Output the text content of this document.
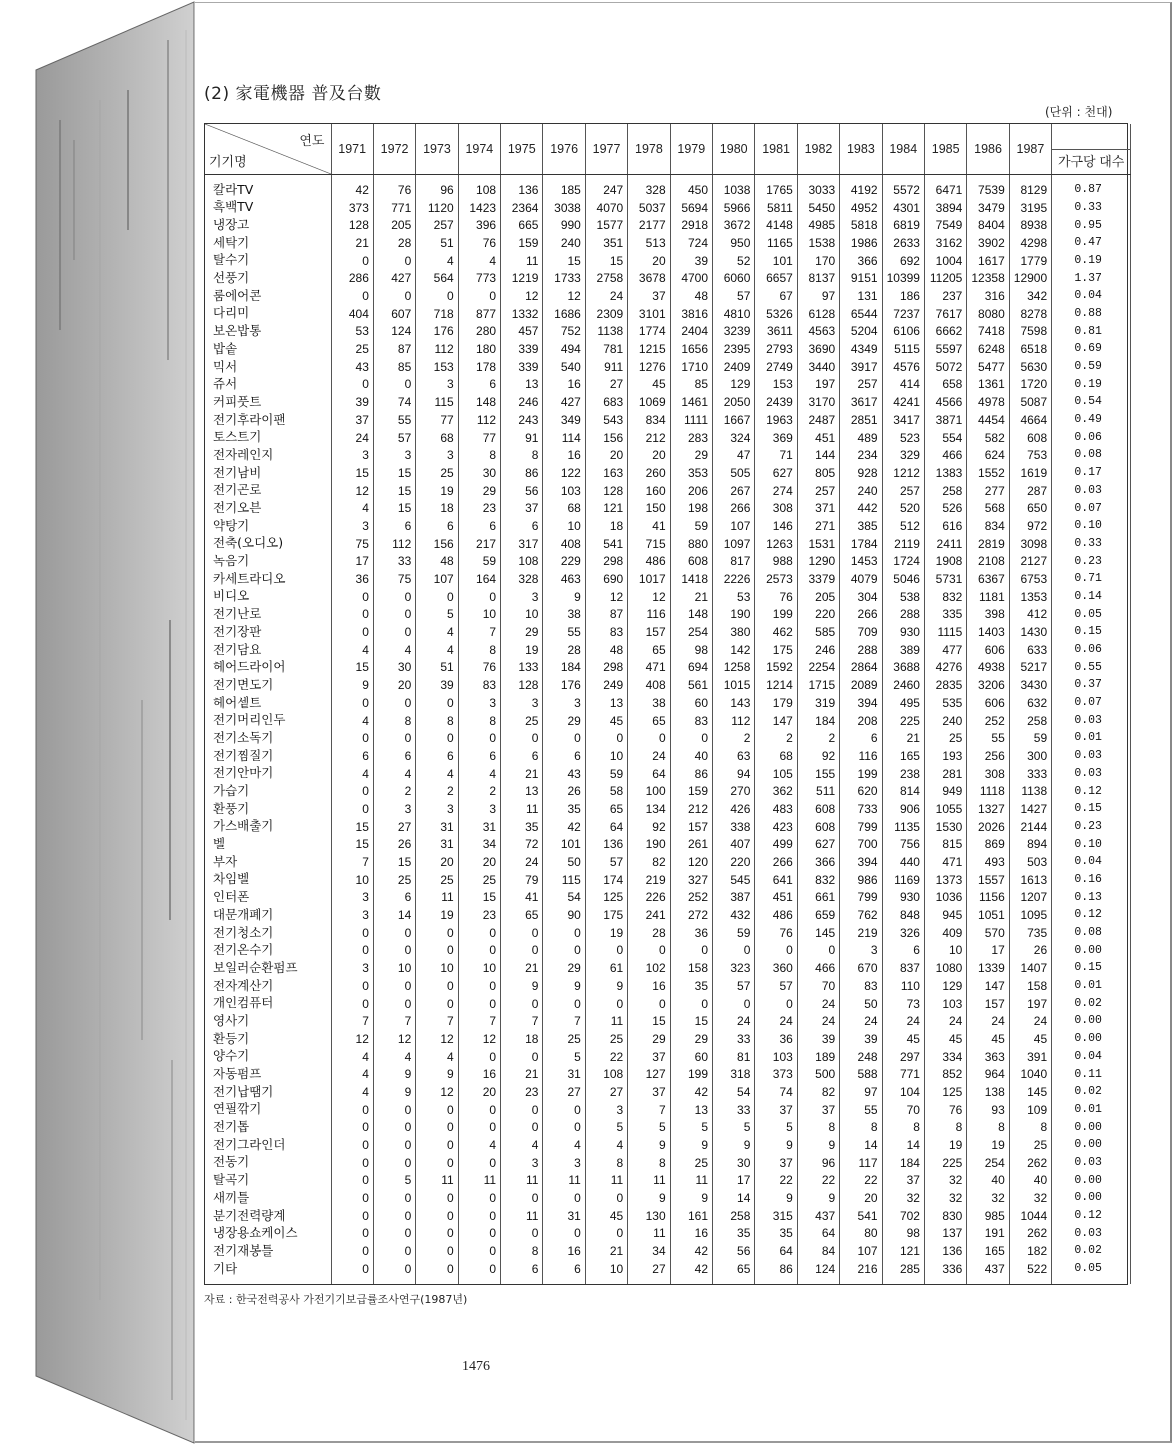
(2) 家電機器 普及台數
(단위 : 천대)
연도
기기명	1971	1972	1973	1974	1975	1976	1977	1978	1979	1980	1981	1982	1983	1984	1985	1986	1987	가구당 대수

칼라TV	42	76	96	108	136	185	247	328	450	1038	1765	3033	4192	5572	6471	7539	8129	0.87
흑백TV	373	771	1120	1423	2364	3038	4070	5037	5694	5966	5811	5450	4952	4301	3894	3479	3195	0.33
냉장고	128	205	257	396	665	990	1577	2177	2918	3672	4148	4985	5818	6819	7549	8404	8938	0.95
세탁기	21	28	51	76	159	240	351	513	724	950	1165	1538	1986	2633	3162	3902	4298	0.47
탈수기	0	0	4	4	11	15	15	20	39	52	101	170	366	692	1004	1617	1779	0.19
선풍기	286	427	564	773	1219	1733	2758	3678	4700	6060	6657	8137	9151	10399	11205	12358	12900	1.37
룸에어콘	0	0	0	0	12	12	24	37	48	57	67	97	131	186	237	316	342	0.04
다리미	404	607	718	877	1332	1686	2309	3101	3816	4810	5326	6128	6544	7237	7617	8080	8278	0.88
보온밥통	53	124	176	280	457	752	1138	1774	2404	3239	3611	4563	5204	6106	6662	7418	7598	0.81
밥솥	25	87	112	180	339	494	781	1215	1656	2395	2793	3690	4349	5115	5597	6248	6518	0.69
믹서	43	85	153	178	339	540	911	1276	1710	2409	2749	3440	3917	4576	5072	5477	5630	0.59
쥬서	0	0	3	6	13	16	27	45	85	129	153	197	257	414	658	1361	1720	0.19
커피풋트	39	74	115	148	246	427	683	1069	1461	2050	2439	3170	3617	4241	4566	4978	5087	0.54
전기후라이팬	37	55	77	112	243	349	543	834	1111	1667	1963	2487	2851	3417	3871	4454	4664	0.49
토스트기	24	57	68	77	91	114	156	212	283	324	369	451	489	523	554	582	608	0.06
전자레인지	3	3	3	8	8	16	20	20	29	47	71	144	234	329	466	624	753	0.08
전기남비	15	15	25	30	86	122	163	260	353	505	627	805	928	1212	1383	1552	1619	0.17
전기곤로	12	15	19	29	56	103	128	160	206	267	274	257	240	257	258	277	287	0.03
전기오븐	4	15	18	23	37	68	121	150	198	266	308	371	442	520	526	568	650	0.07
약탕기	3	6	6	6	6	10	18	41	59	107	146	271	385	512	616	834	972	0.10
전축(오디오)	75	112	156	217	317	408	541	715	880	1097	1263	1531	1784	2119	2411	2819	3098	0.33
녹음기	17	33	48	59	108	229	298	486	608	817	988	1290	1453	1724	1908	2108	2127	0.23
카세트라디오	36	75	107	164	328	463	690	1017	1418	2226	2573	3379	4079	5046	5731	6367	6753	0.71
비디오	0	0	0	0	3	9	12	12	21	53	76	205	304	538	832	1181	1353	0.14
전기난로	0	0	5	10	10	38	87	116	148	190	199	220	266	288	335	398	412	0.05
전기장판	0	0	4	7	29	55	83	157	254	380	462	585	709	930	1115	1403	1430	0.15
전기담요	4	4	4	8	19	28	48	65	98	142	175	246	288	389	477	606	633	0.06
헤어드라이어	15	30	51	76	133	184	298	471	694	1258	1592	2254	2864	3688	4276	4938	5217	0.55
전기면도기	9	20	39	83	128	176	249	408	561	1015	1214	1715	2089	2460	2835	3206	3430	0.37
헤어셑트	0	0	0	3	3	3	13	38	60	143	179	319	394	495	535	606	632	0.07
전기머리인두	4	8	8	8	25	29	45	65	83	112	147	184	208	225	240	252	258	0.03
전기소독기	0	0	0	0	0	0	0	0	0	2	2	2	6	21	25	55	59	0.01
전기찜질기	6	6	6	6	6	6	10	24	40	63	68	92	116	165	193	256	300	0.03
전기안마기	4	4	4	4	21	43	59	64	86	94	105	155	199	238	281	308	333	0.03
가습기	0	2	2	2	13	26	58	100	159	270	362	511	620	814	949	1118	1138	0.12
환풍기	0	3	3	3	11	35	65	134	212	426	483	608	733	906	1055	1327	1427	0.15
가스배출기	15	27	31	31	35	42	64	92	157	338	423	608	799	1135	1530	2026	2144	0.23
벨	15	26	31	34	72	101	136	190	261	407	499	627	700	756	815	869	894	0.10
부자	7	15	20	20	24	50	57	82	120	220	266	366	394	440	471	493	503	0.04
차임벨	10	25	25	25	79	115	174	219	327	545	641	832	986	1169	1373	1557	1613	0.16
인터폰	3	6	11	15	41	54	125	226	252	387	451	661	799	930	1036	1156	1207	0.13
대문개폐기	3	14	19	23	65	90	175	241	272	432	486	659	762	848	945	1051	1095	0.12
전기청소기	0	0	0	0	0	0	19	28	36	59	76	145	219	326	409	570	735	0.08
전기온수기	0	0	0	0	0	0	0	0	0	0	0	0	3	6	10	17	26	0.00
보일러순환펌프	3	10	10	10	21	29	61	102	158	323	360	466	670	837	1080	1339	1407	0.15
전자계산기	0	0	0	0	9	9	9	16	35	57	57	70	83	110	129	147	158	0.01
개인컴퓨터	0	0	0	0	0	0	0	0	0	0	0	24	50	73	103	157	197	0.02
영사기	7	7	7	7	7	7	11	15	15	24	24	24	24	24	24	24	24	0.00
환등기	12	12	12	12	18	25	25	29	29	33	36	39	39	45	45	45	45	0.00
양수기	4	4	4	0	0	5	22	37	60	81	103	189	248	297	334	363	391	0.04
자동펌프	4	9	9	16	21	31	108	127	199	318	373	500	588	771	852	964	1040	0.11
전기납땜기	4	9	12	20	23	27	27	37	42	54	74	82	97	104	125	138	145	0.02
연필깎기	0	0	0	0	0	0	3	7	13	33	37	37	55	70	76	93	109	0.01
전기톱	0	0	0	0	0	0	5	5	5	5	5	8	8	8	8	8	8	0.00
전기그라인더	0	0	0	4	4	4	4	9	9	9	9	9	14	14	19	19	25	0.00
전동기	0	0	0	0	3	3	8	8	25	30	37	96	117	184	225	254	262	0.03
탈곡기	0	5	11	11	11	11	11	11	11	17	22	22	22	37	32	40	40	0.00
새끼틀	0	0	0	0	0	0	0	9	9	14	9	9	20	32	32	32	32	0.00
분기전력량계	0	0	0	0	11	31	45	130	161	258	315	437	541	702	830	985	1044	0.12
냉장용쇼케이스	0	0	0	0	0	0	0	11	16	35	35	64	80	98	137	191	262	0.03
전기재봉틀	0	0	0	0	8	16	21	34	42	56	64	84	107	121	136	165	182	0.02
기타	0	0	0	0	6	6	10	27	42	65	86	124	216	285	336	437	522	0.05
자료 : 한국전력공사 가전기기보급률조사연구(1987년)
1476
